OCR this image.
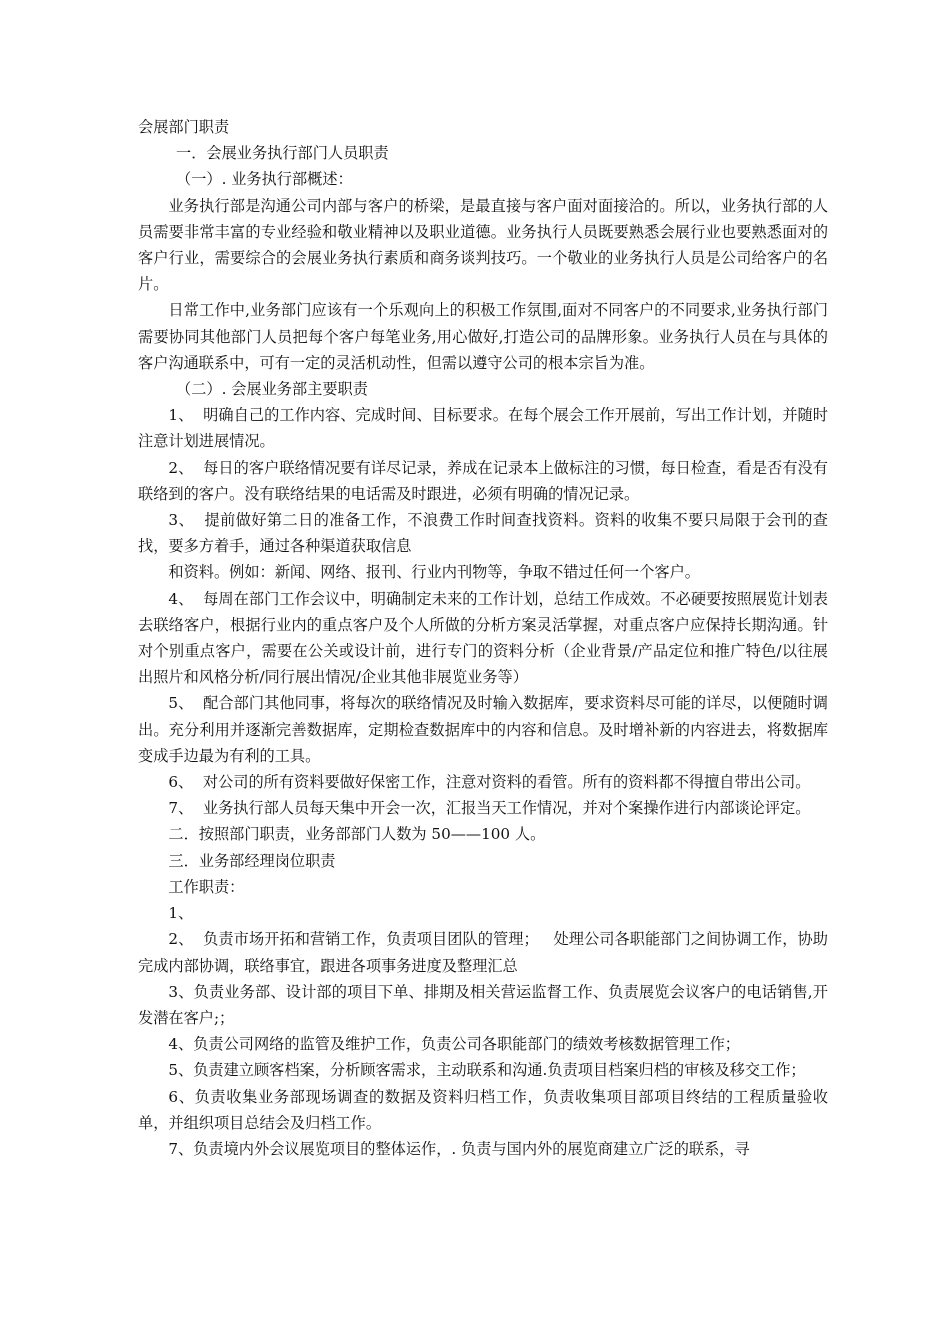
会展部门职责

一．会展业务执行部门人员职责

（一）. 业务执行部概述：

业务执行部是沟通公司内部与客户的桥梁，是最直接与客户面对面接洽的。所以，业务执行部的人员需要非常丰富的专业经验和敬业精神以及职业道德。业务执行人员既要熟悉会展行业也要熟悉面对的客户行业，需要综合的会展业务执行素质和商务谈判技巧。一个敬业的业务执行人员是公司给客户的名片。

日常工作中,业务部门应该有一个乐观向上的积极工作氛围,面对不同客户的不同要求,业务执行部门需要协同其他部门人员把每个客户每笔业务,用心做好,打造公司的品牌形象。业务执行人员在与具体的客户沟通联系中，可有一定的灵活机动性，但需以遵守公司的根本宗旨为准。

（二）. 会展业务部主要职责

1、  明确自己的工作内容、完成时间、目标要求。在每个展会工作开展前，写出工作计划，并随时注意计划进展情况。

2、  每日的客户联络情况要有详尽记录，养成在记录本上做标注的习惯，每日检查，看是否有没有联络到的客户。没有联络结果的电话需及时跟进，必须有明确的情况记录。

3、  提前做好第二日的准备工作，不浪费工作时间查找资料。资料的收集不要只局限于会刊的查找，要多方着手，通过各种渠道获取信息

和资料。例如：新闻、网络、报刊、行业内刊物等，争取不错过任何一个客户。

4、  每周在部门工作会议中，明确制定未来的工作计划，总结工作成效。不必硬要按照展览计划表去联络客户，根据行业内的重点客户及个人所做的分析方案灵活掌握，对重点客户应保持长期沟通。针对个别重点客户，需要在公关或设计前，进行专门的资料分析（企业背景/产品定位和推广特色/以往展出照片和风格分析/同行展出情况/企业其他非展览业务等）

5、  配合部门其他同事，将每次的联络情况及时输入数据库，要求资料尽可能的详尽，以便随时调出。充分利用并逐渐完善数据库，定期检查数据库中的内容和信息。及时增补新的内容进去，将数据库变成手边最为有利的工具。

6、  对公司的所有资料要做好保密工作，注意对资料的看管。所有的资料都不得擅自带出公司。

7、  业务执行部人员每天集中开会一次，汇报当天工作情况，并对个案操作进行内部谈论评定。

二．按照部门职责，业务部部门人数为 50——100 人。

三．业务部经理岗位职责

工作职责：

1、

2、  负责市场开拓和营销工作，负责项目团队的管理；   处理公司各职能部门之间协调工作，协助完成内部协调，联络事宜，跟进各项事务进度及整理汇总

3、负责业务部、设计部的项目下单、排期及相关营运监督工作、负责展览会议客户的电话销售,开发潜在客户;；

4、负责公司网络的监管及维护工作，负责公司各职能部门的绩效考核数据管理工作；

5、负责建立顾客档案，分析顾客需求，主动联系和沟通.负责项目档案归档的审核及移交工作；

6、负责收集业务部现场调查的数据及资料归档工作，负责收集项目部项目终结的工程质量验收单，并组织项目总结会及归档工作。

7、负责境内外会议展览项目的整体运作，. 负责与国内外的展览商建立广泛的联系，寻
